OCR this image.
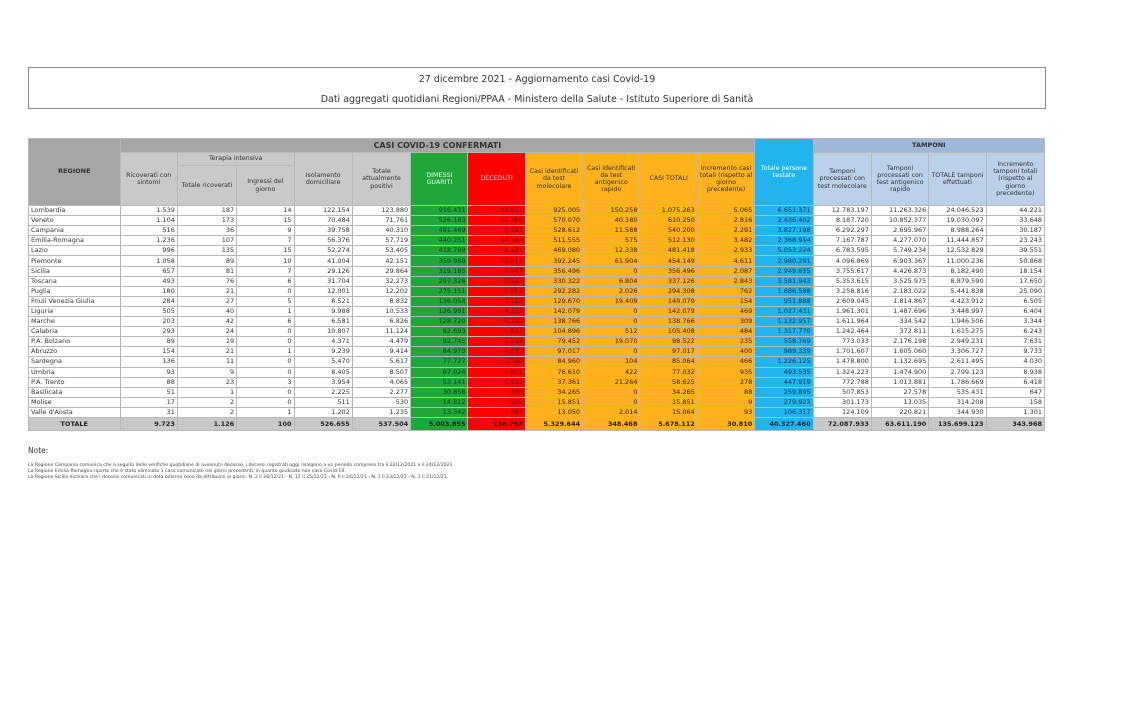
27 dicembre 2021 - Aggiornamento casi Covid-19
Dati aggregati quotidiani Regioni/PPAA - Ministero della Salute - Istituto Superiore di Sanità
REGIONE	CASI COVID-19 CONFERMATI											Totale persone testate	TAMPONI			
	Ricoverati con sintomi	Terapia intensiva		Isolamento domiciliare	Totale attualmente positivi	DIMESSI GUARITI	DECEDUTI	Casi identificati da test molecolare	Casi identificati da test antigenico rapido	CASI TOTALI	Incremento casi totali (rispetto al giorno precedente)		Tamponi processati con test molecolare	Tamponi processati con test antigenico rapido	TOTALE tamponi effettuati	Incremento tamponi totali (rispetto al giorno precedente)
		Totale ricoverati	Ingressi del giorno													
Lombardia	1.539	187	14	122.154	123.880	916.431	34.952	925.005	150.258	1.075.263	5.065	6.651.371	12.783.197	11.263.326	24.046.523	44.221
Veneto	1.104	173	15	70.484	71.761	526.183	12.306	570.070	40.180	610.250	2.816	2.436.402	8.187.720	10.852.377	19.030.097	33.648
Campania	516	36	9	39.758	40.310	491.469	8.421	528.612	11.588	540.200	2.291	3.827.198	6.292.297	2.695.967	8.988.264	30.187
Emilia-Romagna	1.236	107	7	56.376	57.719	440.251	14.160	511.555	575	512.130	3.482	2.368.914	7.167.787	4.277.070	11.444.857	23.243
Lazio	996	135	15	52.274	53.405	418.789	9.224	469.080	12.338	481.418	2.933	5.053.224	6.783.595	5.749.234	12.532.829	39.551
Piemonte	1.058	89	10	41.004	42.151	359.988	12.010	392.245	61.904	454.149	4.611	2.980.291	4.096.869	6.903.367	11.000.236	50.868
Sicilia	657	81	7	29.126	29.864	319.185	7.447	356.496	0	356.496	2.087	2.949.655	3.755.617	4.426.873	8.182.490	18.154
Toscana	493	76	6	31.704	32.273	297.328	7.525	330.322	6.804	337.126	2.843	3.581.943	5.353.615	3.525.975	8.879.590	17.650
Puglia	180	21	0	12.001	12.202	275.151	6.955	292.282	2.026	294.308	762	1.686.588	3.258.816	2.183.022	5.441.838	25.090
Friuli Venezia Giulia	284	27	5	8.521	8.832	136.054	4.193	129.670	19.409	149.079	154	951.888	2.609.045	1.814.867	4.423.912	6.505
Liguria	505	40	1	9.988	10.533	126.991	4.555	142.079	0	142.079	469	1.027.431	1.961.301	1.487.696	3.448.997	6.404
Marche	203	42	6	6.581	6.826	128.720	3.220	138.766	0	138.766	309	1.132.957	1.611.964	334.542	1.946.506	3.344
Calabria	293	24	0	10.807	11.124	92.693	1.591	104.896	512	105.408	484	1.317.770	1.242.464	372.811	1.615.275	6.243
P.A. Bolzano	89	19	0	4.371	4.479	92.745	1.298	79.452	19.070	98.522	235	558.769	773.033	2.176.198	2.949.231	7.631
Abruzzo	154	21	1	9.239	9.414	84.973	2.630	97.017	0	97.017	400	989.339	1.701.607	1.605.060	3.306.727	9.733
Sardegna	136	11	0	5.470	5.617	77.727	1.720	84.960	104	85.064	466	1.226.125	1.478.800	1.132.695	2.611.495	4.030
Umbria	93	9	0	8.405	8.507	67.024	1.501	76.610	422	77.032	935	493.535	1.324.223	1.474.900	2.799.123	8.938
P.A. Trento	88	23	3	3.954	4.065	53.141	1.419	37.361	21.264	58.625	278	447.919	772.788	1.013.881	1.786.669	6.418
Basilicata	51	1	0	2.225	2.277	30.858	630	34.265	0	34.265	88	259.895	507.853	27.578	535.431	647
Molise	17	2	0	511	530	14.812	509	15.851	0	15.851	9	279.923	301.173	13.035	314.208	158
Valle d'Aosta	31	2	1	1.202	1.235	13.342	487	13.050	2.014	15.064	93	106.317	124.109	220.821	344.930	1.301
TOTALE	9.723	1.126	100	526.655	537.504	5.003.855	136.753	5.329.644	348.468	5.678.112	30.810	40.327.460	72.087.933	63.611.190	135.699.123	343.968
Note:
La Regione Campania comunica che a seguito delle verifiche quotidiane di avvenuto decesso, i decessi registrati oggi risalgono a un periodo compreso tra il 22/12/2021 e il 24/12/2021.
La Regione Emilia-Romagna riporta che è stato eliminato 1 caso comunicato nei giorni precedenti, in quanto giudicato non caso Covid-19.
La Regione Sicilia dichiara che i decessi comunicati in data odierna sono da attribuirsi ai giorni: N. 2 il 26/12/21 - N. 12 il 25/12/21 - N. 6 il 24/12/21 - N. 1 il 23/12/21 - N. 1 il 21/12/21.
